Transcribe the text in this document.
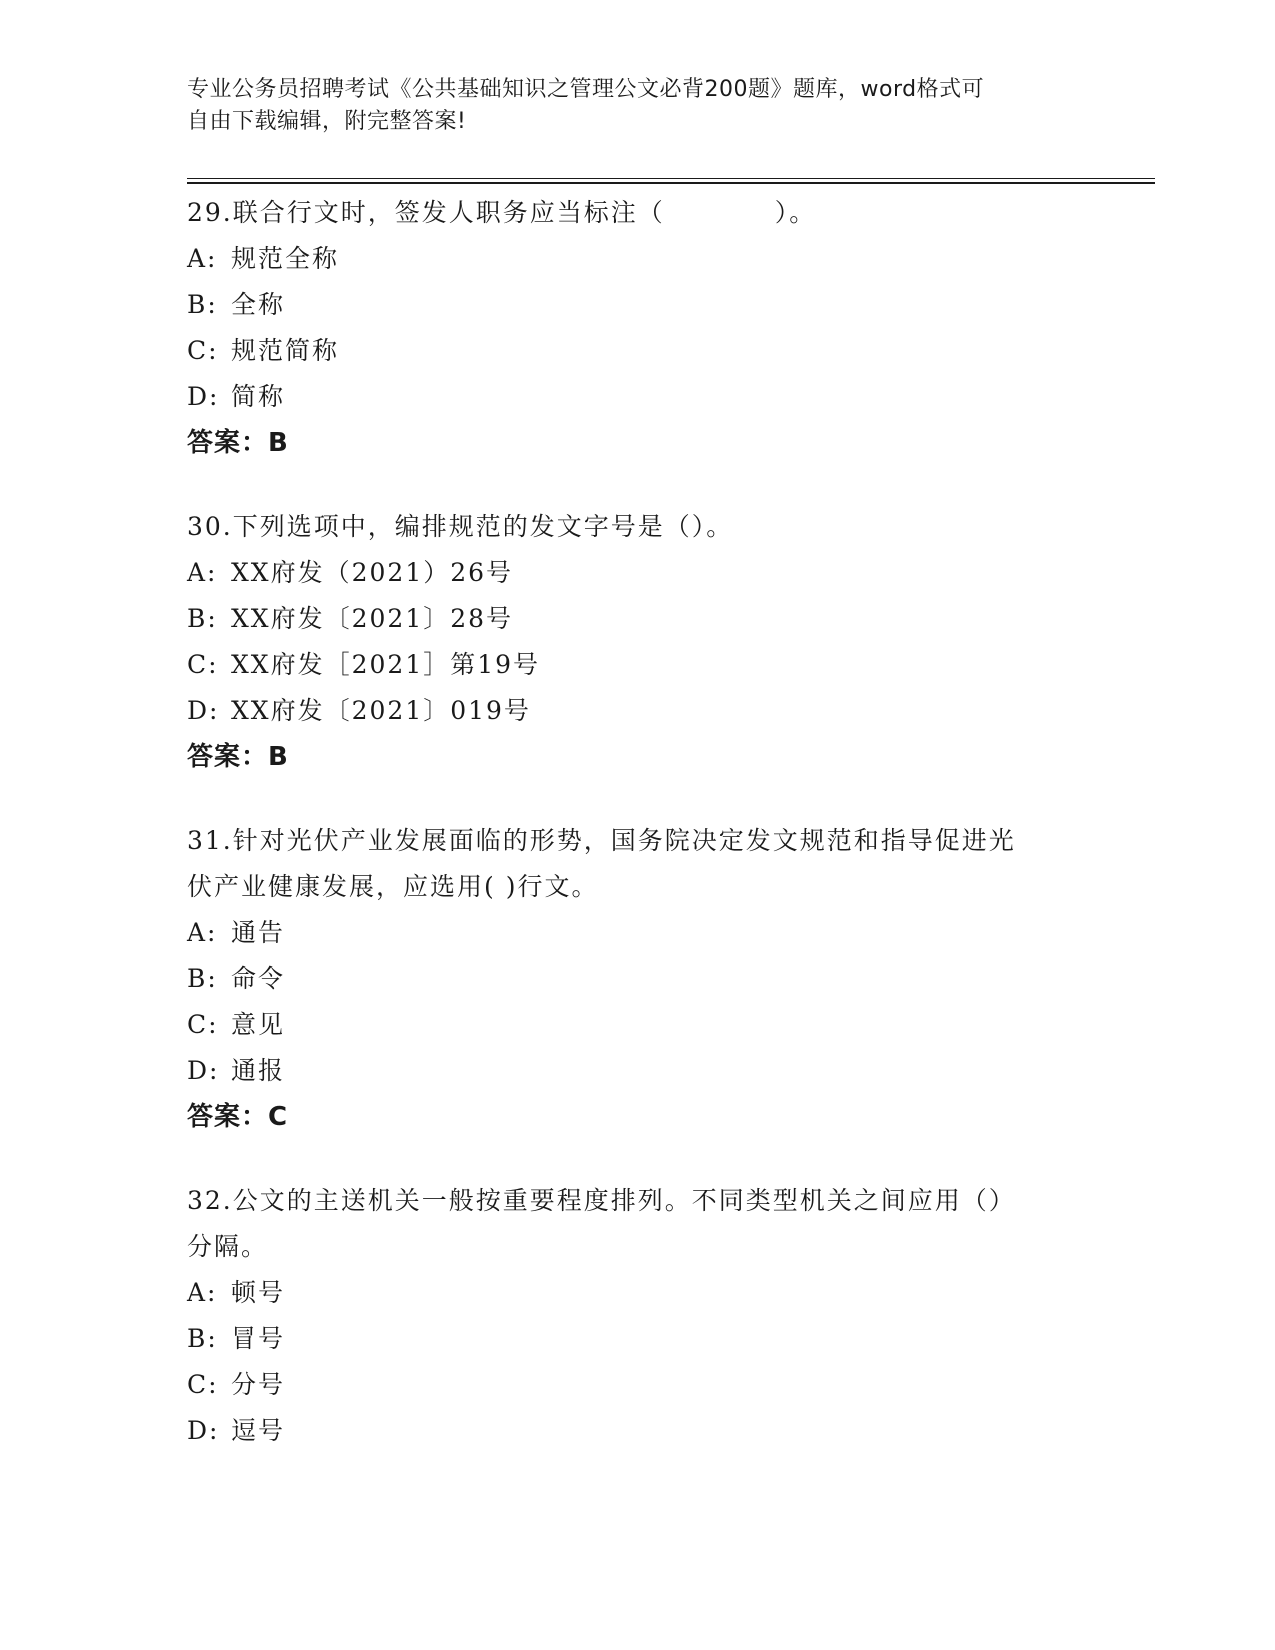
专业公务员招聘考试《公共基础知识之管理公文必背200题》题库，word格式可
自由下载编辑，附完整答案!

29.联合行文时，签发人职务应当标注（	）。

A: 规范全称

B: 全称

C: 规范简称

D: 简称

答案：B

30.下列选项中，编排规范的发文字号是（）。

A: XX府发（2021）26号

B: XX府发〔2021〕28号

C: XX府发［2021］第19号

D: XX府发〔2021〕019号

答案：B

31.针对光伏产业发展面临的形势，国务院决定发文规范和指导促进光

伏产业健康发展，应选用( )行文。

A: 通告

B: 命令

C: 意见

D: 通报

答案：C

32.公文的主送机关一般按重要程度排列。不同类型机关之间应用（）

分隔。

A: 顿号

B: 冒号

C: 分号

D: 逗号
